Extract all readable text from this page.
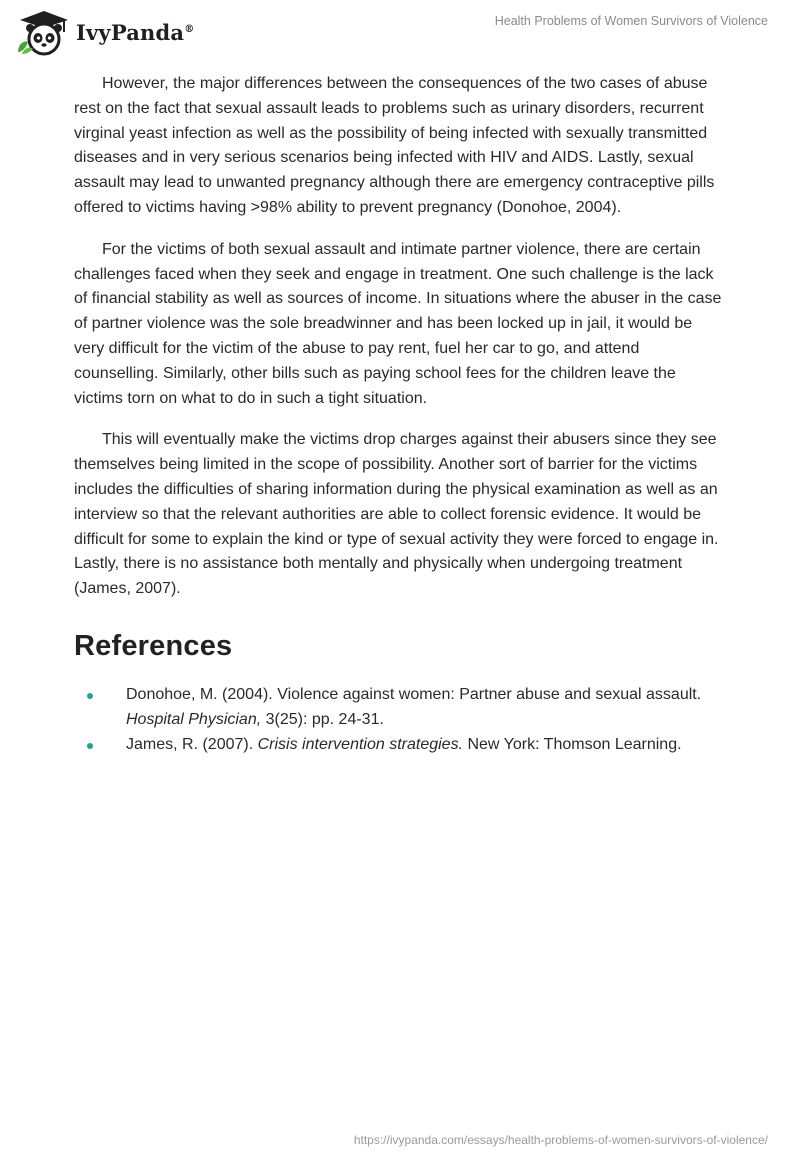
IvyPanda®
Health Problems of Women Survivors of Violence

However, the major differences between the consequences of the two cases of abuse rest on the fact that sexual assault leads to problems such as urinary disorders, recurrent virginal yeast infection as well as the possibility of being infected with sexually transmitted diseases and in very serious scenarios being infected with HIV and AIDS. Lastly, sexual assault may lead to unwanted pregnancy although there are emergency contraceptive pills offered to victims having >98% ability to prevent pregnancy (Donohoe, 2004).

For the victims of both sexual assault and intimate partner violence, there are certain challenges faced when they seek and engage in treatment. One such challenge is the lack of financial stability as well as sources of income. In situations where the abuser in the case of partner violence was the sole breadwinner and has been locked up in jail, it would be very difficult for the victim of the abuse to pay rent, fuel her car to go, and attend counselling. Similarly, other bills such as paying school fees for the children leave the victims torn on what to do in such a tight situation.

This will eventually make the victims drop charges against their abusers since they see themselves being limited in the scope of possibility. Another sort of barrier for the victims includes the difficulties of sharing information during the physical examination as well as an interview so that the relevant authorities are able to collect forensic evidence. It would be difficult for some to explain the kind or type of sexual activity they were forced to engage in. Lastly, there is no assistance both mentally and physically when undergoing treatment (James, 2007).

References
Donohoe, M. (2004). Violence against women: Partner abuse and sexual assault. Hospital Physician, 3(25): pp. 24-31.
James, R. (2007). Crisis intervention strategies. New York: Thomson Learning.
https://ivypanda.com/essays/health-problems-of-women-survivors-of-violence/
